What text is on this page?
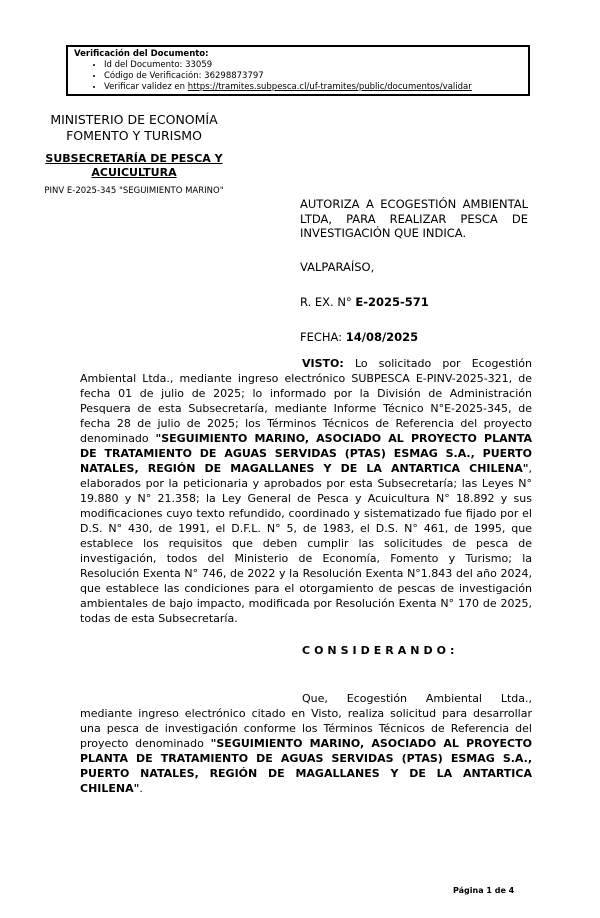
Verificación del Documento:
• Id del Documento: 33059
• Código de Verificación: 36298873797
• Verificar validez en https://tramites.subpesca.cl/uf-tramites/public/documentos/validar
MINISTERIO DE ECONOMÍA
FOMENTO Y TURISMO
SUBSECRETARÍA DE PESCA Y ACUICULTURA
PINV E-2025-345 "SEGUIMIENTO MARINO"
AUTORIZA A ECOGESTIÓN AMBIENTAL LTDA, PARA REALIZAR PESCA DE INVESTIGACIÓN QUE INDICA.
VALPARAÍSO,
R. EX. N° E-2025-571
FECHA: 14/08/2025
VISTO: Lo solicitado por Ecogestión Ambiental Ltda., mediante ingreso electrónico SUBPESCA E-PINV-2025-321, de fecha 01 de julio de 2025; lo informado por la División de Administración Pesquera de esta Subsecretaría, mediante Informe Técnico N°E-2025-345, de fecha 28 de julio de 2025; los Términos Técnicos de Referencia del proyecto denominado "SEGUIMIENTO MARINO, ASOCIADO AL PROYECTO PLANTA DE TRATAMIENTO DE AGUAS SERVIDAS (PTAS) ESMAG S.A., PUERTO NATALES, REGIÓN DE MAGALLANES Y DE LA ANTARTICA CHILENA", elaborados por la peticionaria y aprobados por esta Subsecretaría; las Leyes N° 19.880 y N° 21.358; la Ley General de Pesca y Acuicultura N° 18.892 y sus modificaciones cuyo texto refundido, coordinado y sistematizado fue fijado por el D.S. N° 430, de 1991, el D.F.L. N° 5, de 1983, el D.S. N° 461, de 1995, que establece los requisitos que deben cumplir las solicitudes de pesca de investigación, todos del Ministerio de Economía, Fomento y Turismo; la Resolución Exenta N° 746, de 2022 y la Resolución Exenta N°1.843 del año 2024, que establece las condiciones para el otorgamiento de pescas de investigación ambientales de bajo impacto, modificada por Resolución Exenta N° 170 de 2025, todas de esta Subsecretaría.
CONSIDERANDO:
Que, Ecogestión Ambiental Ltda., mediante ingreso electrónico citado en Visto, realiza solicitud para desarrollar una pesca de investigación conforme los Términos Técnicos de Referencia del proyecto denominado "SEGUIMIENTO MARINO, ASOCIADO AL PROYECTO PLANTA DE TRATAMIENTO DE AGUAS SERVIDAS (PTAS) ESMAG S.A., PUERTO NATALES, REGIÓN DE MAGALLANES Y DE LA ANTARTICA CHILENA".
Página 1 de 4
